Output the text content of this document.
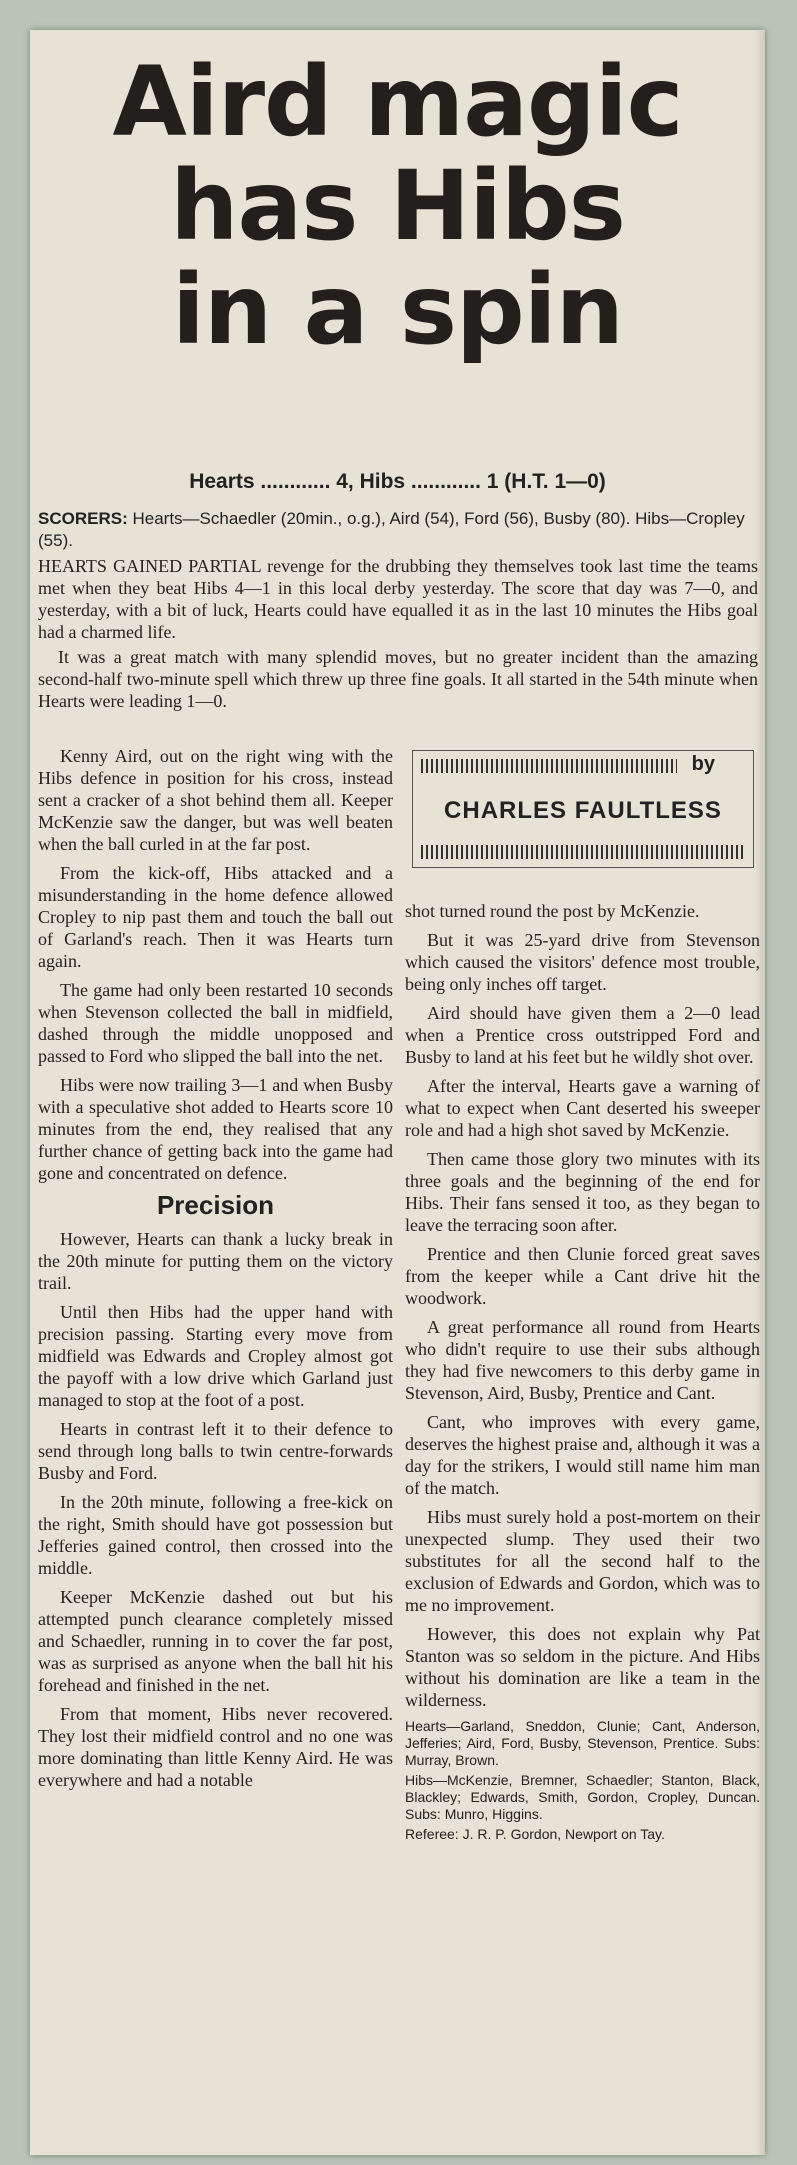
Aird magic
has Hibs
in a spin
Hearts ............ 4, Hibs ............ 1 (H.T. 1—0)
SCORERS: Hearts—Schaedler (20min., o.g.), Aird (54), Ford (56), Busby (80). Hibs—Cropley (55).

HEARTS GAINED PARTIAL revenge for the drubbing they themselves took last time the teams met when they beat Hibs 4—1 in this local derby yesterday. The score that day was 7—0, and yesterday, with a bit of luck, Hearts could have equalled it as in the last 10 minutes the Hibs goal had a charmed life.

It was a great match with many splendid moves, but no greater incident than the amazing second-half two-minute spell which threw up three fine goals. It all started in the 54th minute when Hearts were leading 1—0.

by
CHARLES FAULTLESS

Kenny Aird, out on the right wing with the Hibs defence in position for his cross, instead sent a cracker of a shot behind them all. Keeper McKenzie saw the danger, but was well beaten when the ball curled in at the far post.

From the kick-off, Hibs attacked and a misunderstanding in the home defence allowed Cropley to nip past them and touch the ball out of Garland's reach. Then it was Hearts turn again.

The game had only been restarted 10 seconds when Stevenson collected the ball in midfield, dashed through the middle unopposed and passed to Ford who slipped the ball into the net.

Hibs were now trailing 3—1 and when Busby with a speculative shot added to Hearts score 10 minutes from the end, they realised that any further chance of getting back into the game had gone and concentrated on defence.

Precision

However, Hearts can thank a lucky break in the 20th minute for putting them on the victory trail.

Until then Hibs had the upper hand with precision passing. Starting every move from midfield was Edwards and Cropley almost got the payoff with a low drive which Garland just managed to stop at the foot of a post.

Hearts in contrast left it to their defence to send through long balls to twin centre-forwards Busby and Ford.

In the 20th minute, following a free-kick on the right, Smith should have got possession but Jefferies gained control, then crossed into the middle.

Keeper McKenzie dashed out but his attempted punch clearance completely missed and Schaedler, running in to cover the far post, was as surprised as anyone when the ball hit his forehead and finished in the net.

From that moment, Hibs never recovered. They lost their midfield control and no one was more dominating than little Kenny Aird. He was everywhere and had a notable

shot turned round the post by McKenzie.

But it was 25-yard drive from Stevenson which caused the visitors' defence most trouble, being only inches off target.

Aird should have given them a 2—0 lead when a Prentice cross outstripped Ford and Busby to land at his feet but he wildly shot over.

After the interval, Hearts gave a warning of what to expect when Cant deserted his sweeper role and had a high shot saved by McKenzie.

Then came those glory two minutes with its three goals and the beginning of the end for Hibs. Their fans sensed it too, as they began to leave the terracing soon after.

Prentice and then Clunie forced great saves from the keeper while a Cant drive hit the woodwork.

A great performance all round from Hearts who didn't require to use their subs although they had five newcomers to this derby game in Stevenson, Aird, Busby, Prentice and Cant.

Cant, who improves with every game, deserves the highest praise and, although it was a day for the strikers, I would still name him man of the match.

Hibs must surely hold a post-mortem on their unexpected slump. They used their two substitutes for all the second half to the exclusion of Edwards and Gordon, which was to me no improvement.

However, this does not explain why Pat Stanton was so seldom in the picture. And Hibs without his domination are like a team in the wilderness.

Hearts—Garland, Sneddon, Clunie; Cant, Anderson, Jefferies; Aird, Ford, Busby, Stevenson, Prentice. Subs: Murray, Brown.

Hibs—McKenzie, Bremner, Schaedler; Stanton, Black, Blackley; Edwards, Smith, Gordon, Cropley, Duncan. Subs: Munro, Higgins.

Referee: J. R. P. Gordon, Newport on Tay.
